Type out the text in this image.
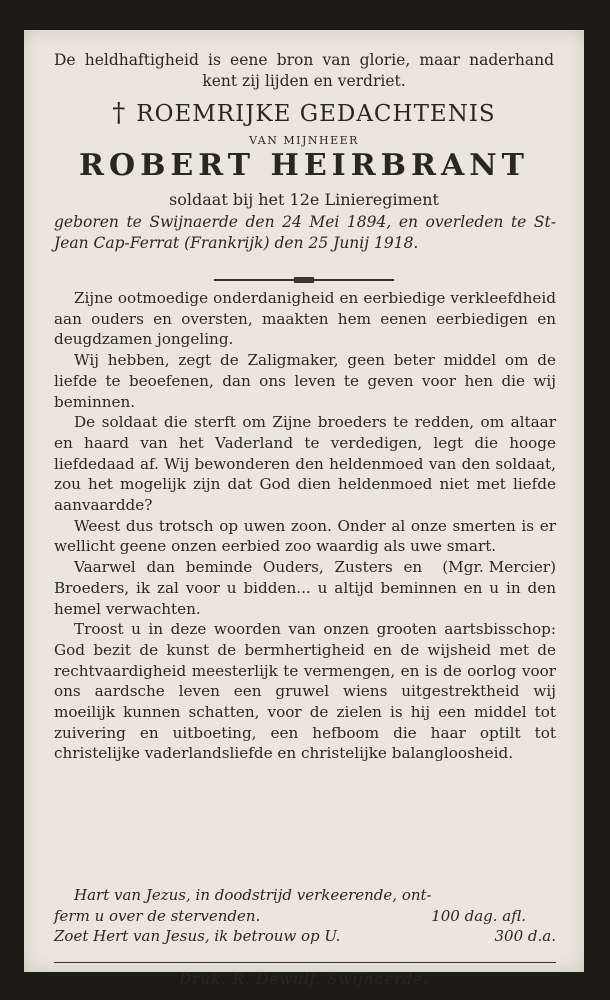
De heldhaftigheid is eene bron van glorie, maar naderhand kent zij lijden en verdriet.
† ROEMRIJKE GEDACHTENIS
VAN MIJNHEER
ROBERT HEIRBRANT
soldaat bij het 12e Linieregiment
geboren te Swijnaerde den 24 Mei 1894, en overleden te St-Jean Cap-Ferrat (Frankrijk) den 25 Junij 1918.

Zijne ootmoedige onderdanigheid en eerbiedige verkleefdheid aan ouders en oversten, maakten hem eenen eerbiedigen en deugdzamen jongeling.

Wij hebben, zegt de Zaligmaker, geen beter middel om de liefde te beoefenen, dan ons leven te geven voor hen die wij beminnen.

De soldaat die sterft om Zijne broeders te redden, om altaar en haard van het Vaderland te verdedigen, legt die hooge liefdedaad af. Wij bewonderen den heldenmoed van den soldaat, zou het mogelijk zijn dat God dien heldenmoed niet met liefde aanvaardde?

Weest dus trotsch op uwen zoon. Onder al onze smerten is er wellicht geene onzen eerbied zoo waardig als uwe smart.
(Mgr. Mercier)

Vaarwel dan beminde Ouders, Zusters en Broeders, ik zal voor u bidden... u altijd beminnen en u in den hemel verwachten.

Troost u in deze woorden van onzen grooten aartsbisschop: God bezit de kunst de bermhertigheid en de wijsheid met de rechtvaardigheid meesterlijk te vermengen, en is de oorlog voor ons aardsche leven een gruwel wiens uitgestrektheid wij moeilijk kunnen schatten, voor de zielen is hij een middel tot zuivering en uitboeting, een hefboom die haar optilt tot christelijke vaderlandsliefde en christelijke balangloosheid.

Hart van Jezus, in doodstrijd verkeerende, ont-
ferm u over de stervenden.	100 dag. afl.
Zoet Hert van Jesus, ik betrouw op U.	300 d.a.
Druk. R. Dewulf, Swijnaerde.
